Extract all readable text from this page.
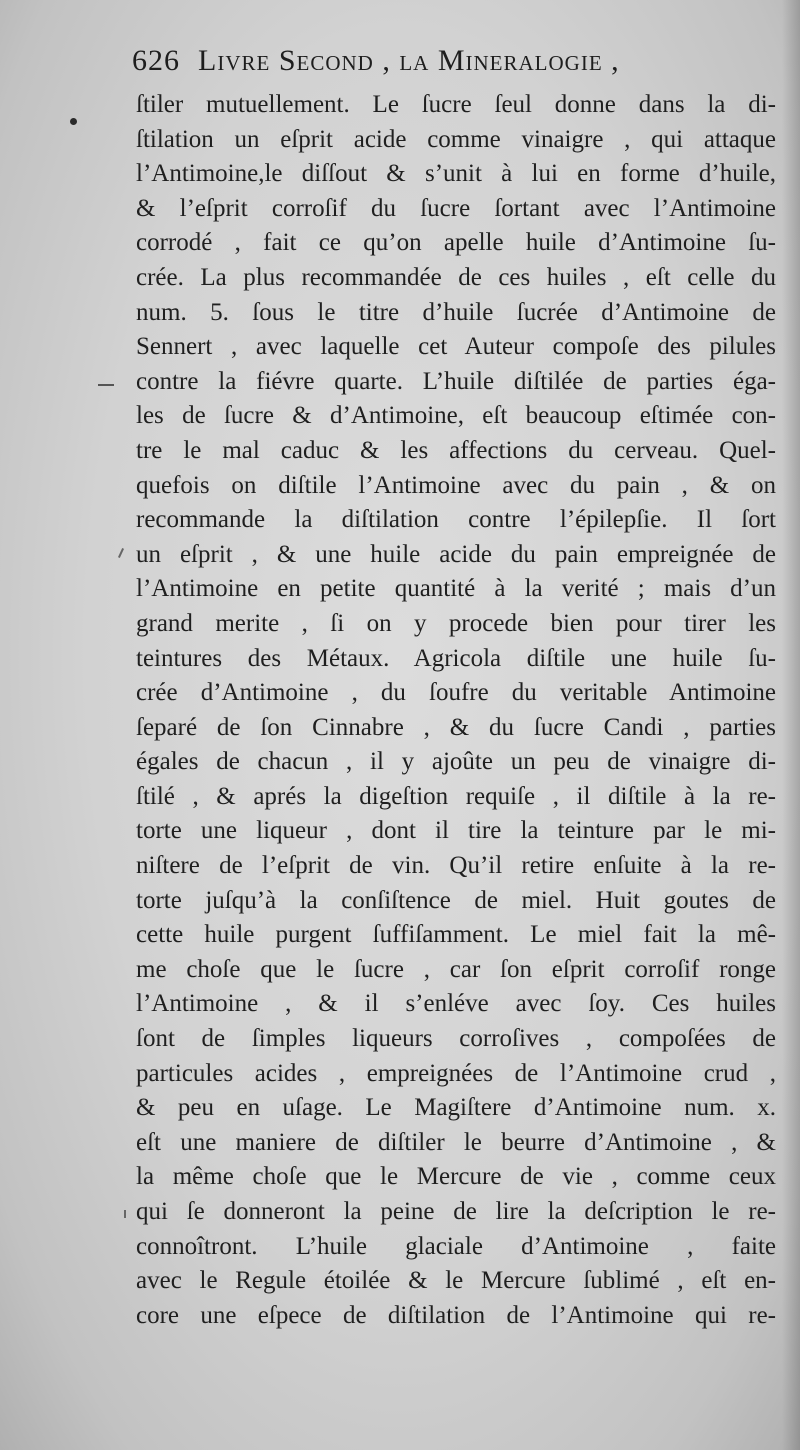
626 Livre Second , la Mineralogie ,
ſtiler mutuellement. Le ſucre ſeul donne dans la di-
ſtilation un eſprit acide comme vinaigre , qui attaque
l’Antimoine,le diſſout & s’unit à lui en forme d’huile,
& l’eſprit corroſif du ſucre ſortant avec l’Antimoine
corrodé , fait ce qu’on apelle huile d’Antimoine ſu-
crée. La plus recommandée de ces huiles , eſt celle du
num. 5. ſous le titre d’huile ſucrée d’Antimoine de
Sennert , avec laquelle cet Auteur compoſe des pilules
contre la fiévre quarte. L’huile diſtilée de parties éga-
les de ſucre & d’Antimoine, eſt beaucoup eſtimée con-
tre le mal caduc & les affections du cerveau. Quel-
quefois on diſtile l’Antimoine avec du pain , & on
recommande la diſtilation contre l’épilepſie. Il ſort
un eſprit , & une huile acide du pain empreignée de
l’Antimoine en petite quantité à la verité ; mais d’un
grand merite , ſi on y procede bien pour tirer les
teintures des Métaux. Agricola diſtile une huile ſu-
crée d’Antimoine , du ſoufre du veritable Antimoine
ſeparé de ſon Cinnabre , & du ſucre Candi , parties
égales de chacun , il y ajoûte un peu de vinaigre di-
ſtilé , & aprés la digeſtion requiſe , il diſtile à la re-
torte une liqueur , dont il tire la teinture par le mi-
niſtere de l’eſprit de vin. Qu’il retire enſuite à la re-
torte juſqu’à la conſiſtence de miel. Huit goutes de
cette huile purgent ſuffiſamment. Le miel fait la mê-
me choſe que le ſucre , car ſon eſprit corroſif ronge
l’Antimoine , & il s’enléve avec ſoy. Ces huiles
ſont de ſimples liqueurs corroſives , compoſées de
particules acides , empreignées de l’Antimoine crud ,
& peu en uſage. Le Magiſtere d’Antimoine num. x.
eſt une maniere de diſtiler le beurre d’Antimoine , &
la même choſe que le Mercure de vie , comme ceux
qui ſe donneront la peine de lire la deſcription le re-
connoîtront. L’huile glaciale d’Antimoine , faite
avec le Regule étoilée & le Mercure ſublimé , eſt en-
core une eſpece de diſtilation de l’Antimoine qui re-
